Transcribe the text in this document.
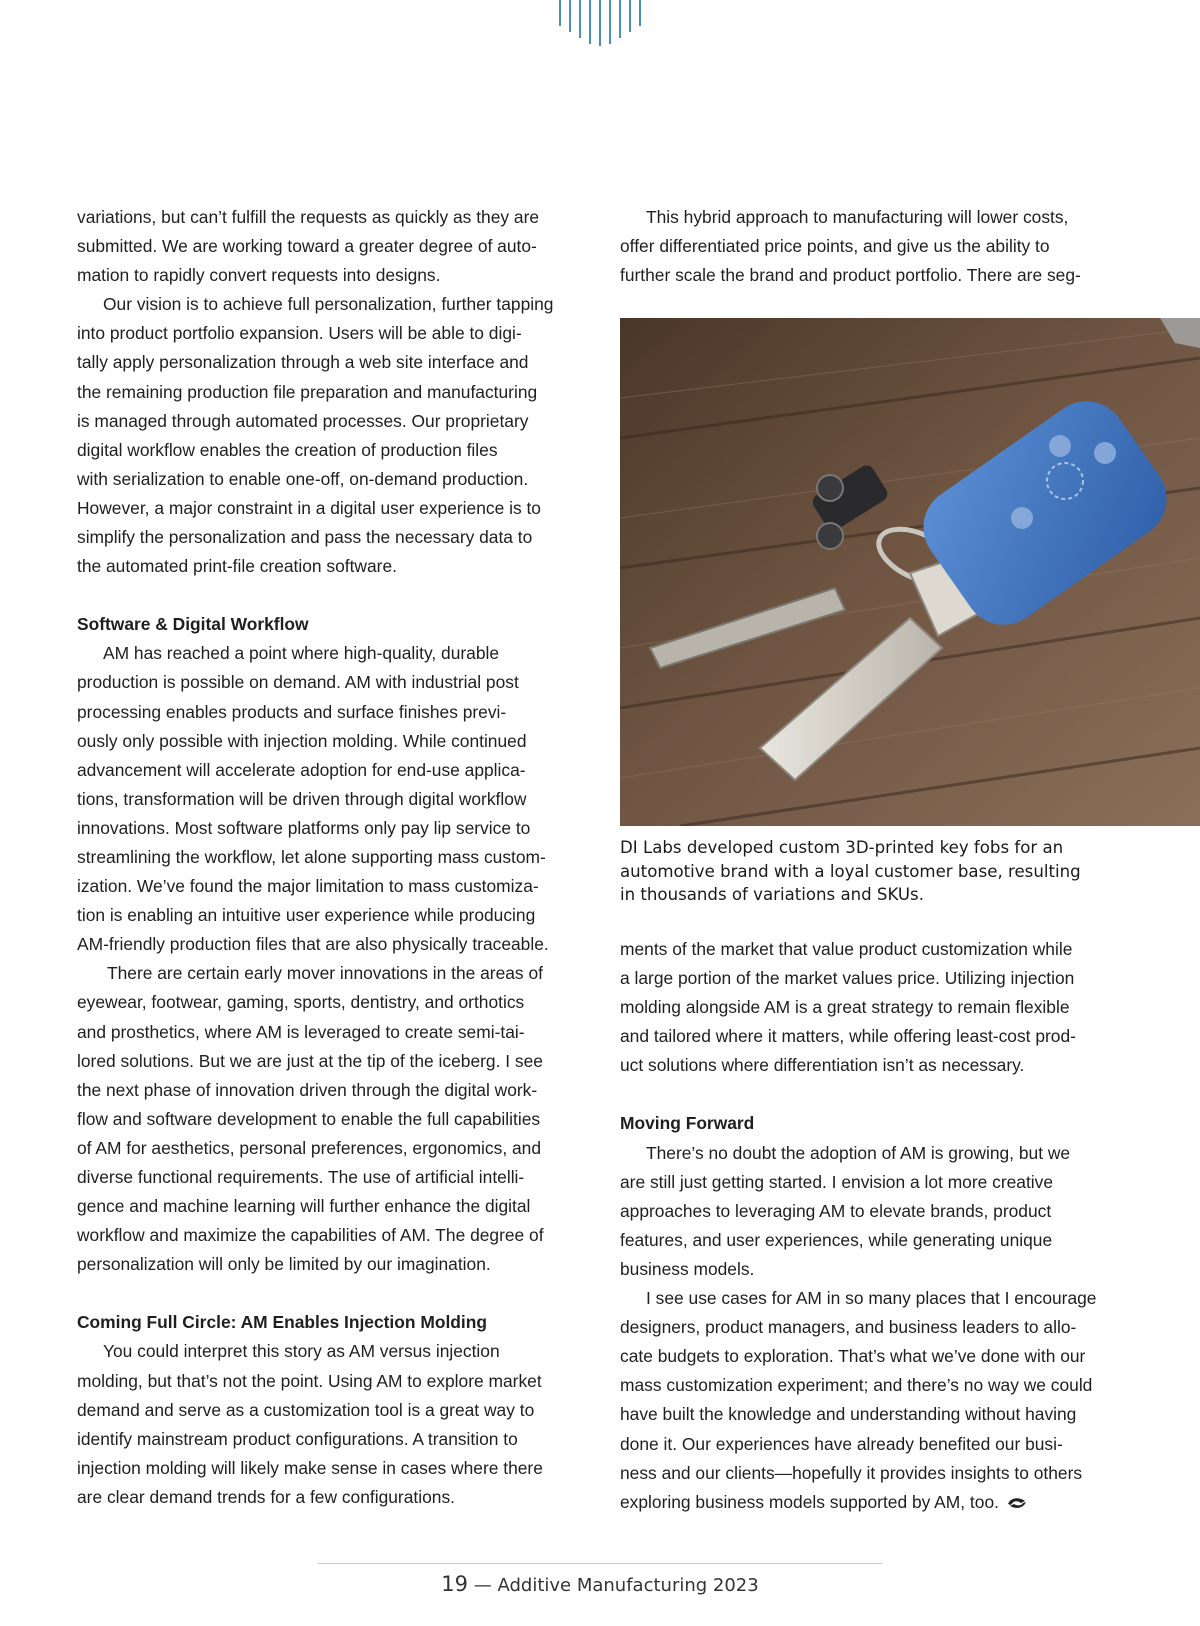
variations, but can’t fulfill the requests as quickly as they are
submitted. We are working toward a greater degree of auto-
mation to rapidly convert requests into designs.

Our vision is to achieve full personalization, further tapping
into product portfolio expansion. Users will be able to digi-
tally apply personalization through a web site interface and
the remaining production file preparation and manufacturing
is managed through automated processes. Our proprietary
digital workflow enables the creation of production files
with serialization to enable one-off, on-demand production.
However, a major constraint in a digital user experience is to
simplify the personalization and pass the necessary data to
the automated print-file creation software.

Software & Digital Workflow

AM has reached a point where high-quality, durable
production is possible on demand. AM with industrial post
processing enables products and surface finishes previ-
ously only possible with injection molding. While continued
advancement will accelerate adoption for end-use applica-
tions, transformation will be driven through digital workflow
innovations. Most software platforms only pay lip service to
streamlining the workflow, let alone supporting mass custom-
ization. We’ve found the major limitation to mass customiza-
tion is enabling an intuitive user experience while producing
AM-friendly production files that are also physically traceable.

There are certain early mover innovations in the areas of
eyewear, footwear, gaming, sports, dentistry, and orthotics
and prosthetics, where AM is leveraged to create semi-tai-
lored solutions. But we are just at the tip of the iceberg. I see
the next phase of innovation driven through the digital work-
flow and software development to enable the full capabilities
of AM for aesthetics, personal preferences, ergonomics, and
diverse functional requirements. The use of artificial intelli-
gence and machine learning will further enhance the digital
workflow and maximize the capabilities of AM. The degree of
personalization will only be limited by our imagination.

Coming Full Circle: AM Enables Injection Molding

You could interpret this story as AM versus injection
molding, but that’s not the point. Using AM to explore market
demand and serve as a customization tool is a great way to
identify mainstream product configurations. A transition to
injection molding will likely make sense in cases where there
are clear demand trends for a few configurations.

This hybrid approach to manufacturing will lower costs,
offer differentiated price points, and give us the ability to
further scale the brand and product portfolio. There are seg-

DI Labs developed custom 3D-printed key fobs for an
automotive brand with a loyal customer base, resulting
in thousands of variations and SKUs.

ments of the market that value product customization while
a large portion of the market values price. Utilizing injection
molding alongside AM is a great strategy to remain flexible
and tailored where it matters, while offering least-cost prod-
uct solutions where differentiation isn’t as necessary.

Moving Forward

There’s no doubt the adoption of AM is growing, but we
are still just getting started. I envision a lot more creative
approaches to leveraging AM to elevate brands, product
features, and user experiences, while generating unique
business models.

I see use cases for AM in so many places that I encourage
designers, product managers, and business leaders to allo-
cate budgets to exploration. That’s what we’ve done with our
mass customization experiment; and there’s no way we could
have built the knowledge and understanding without having
done it. Our experiences have already benefited our busi-
ness and our clients—hopefully it provides insights to others
exploring business models supported by AM, too.

19 — Additive Manufacturing 2023
